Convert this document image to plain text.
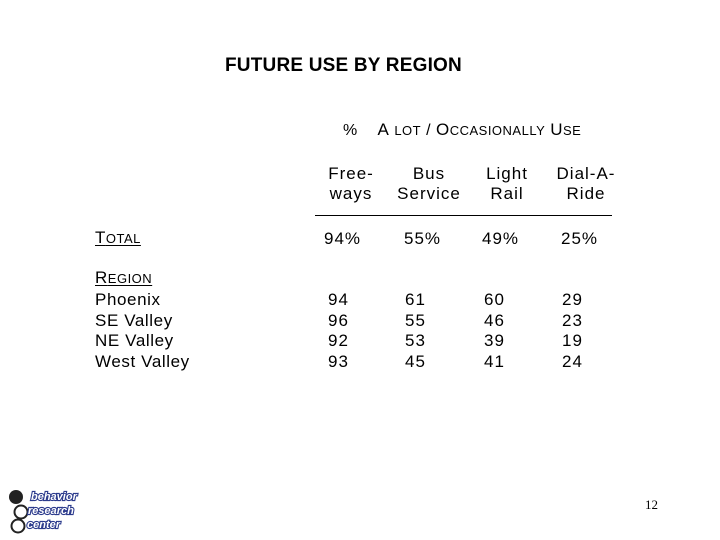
FUTURE USE BY REGION
% A LOT / OCCASIONALLY USE
Free-
ways
Bus
Service
Light
Rail
Dial-A-
Ride
TOTAL	94%	55% 49% 25%
REGION
Phoenix
SE Valley
NE Valley
West Valley
94
96
92
93
61
55
53
45
60
46
39
41
29
23
19
24
12
behavior
research
center
